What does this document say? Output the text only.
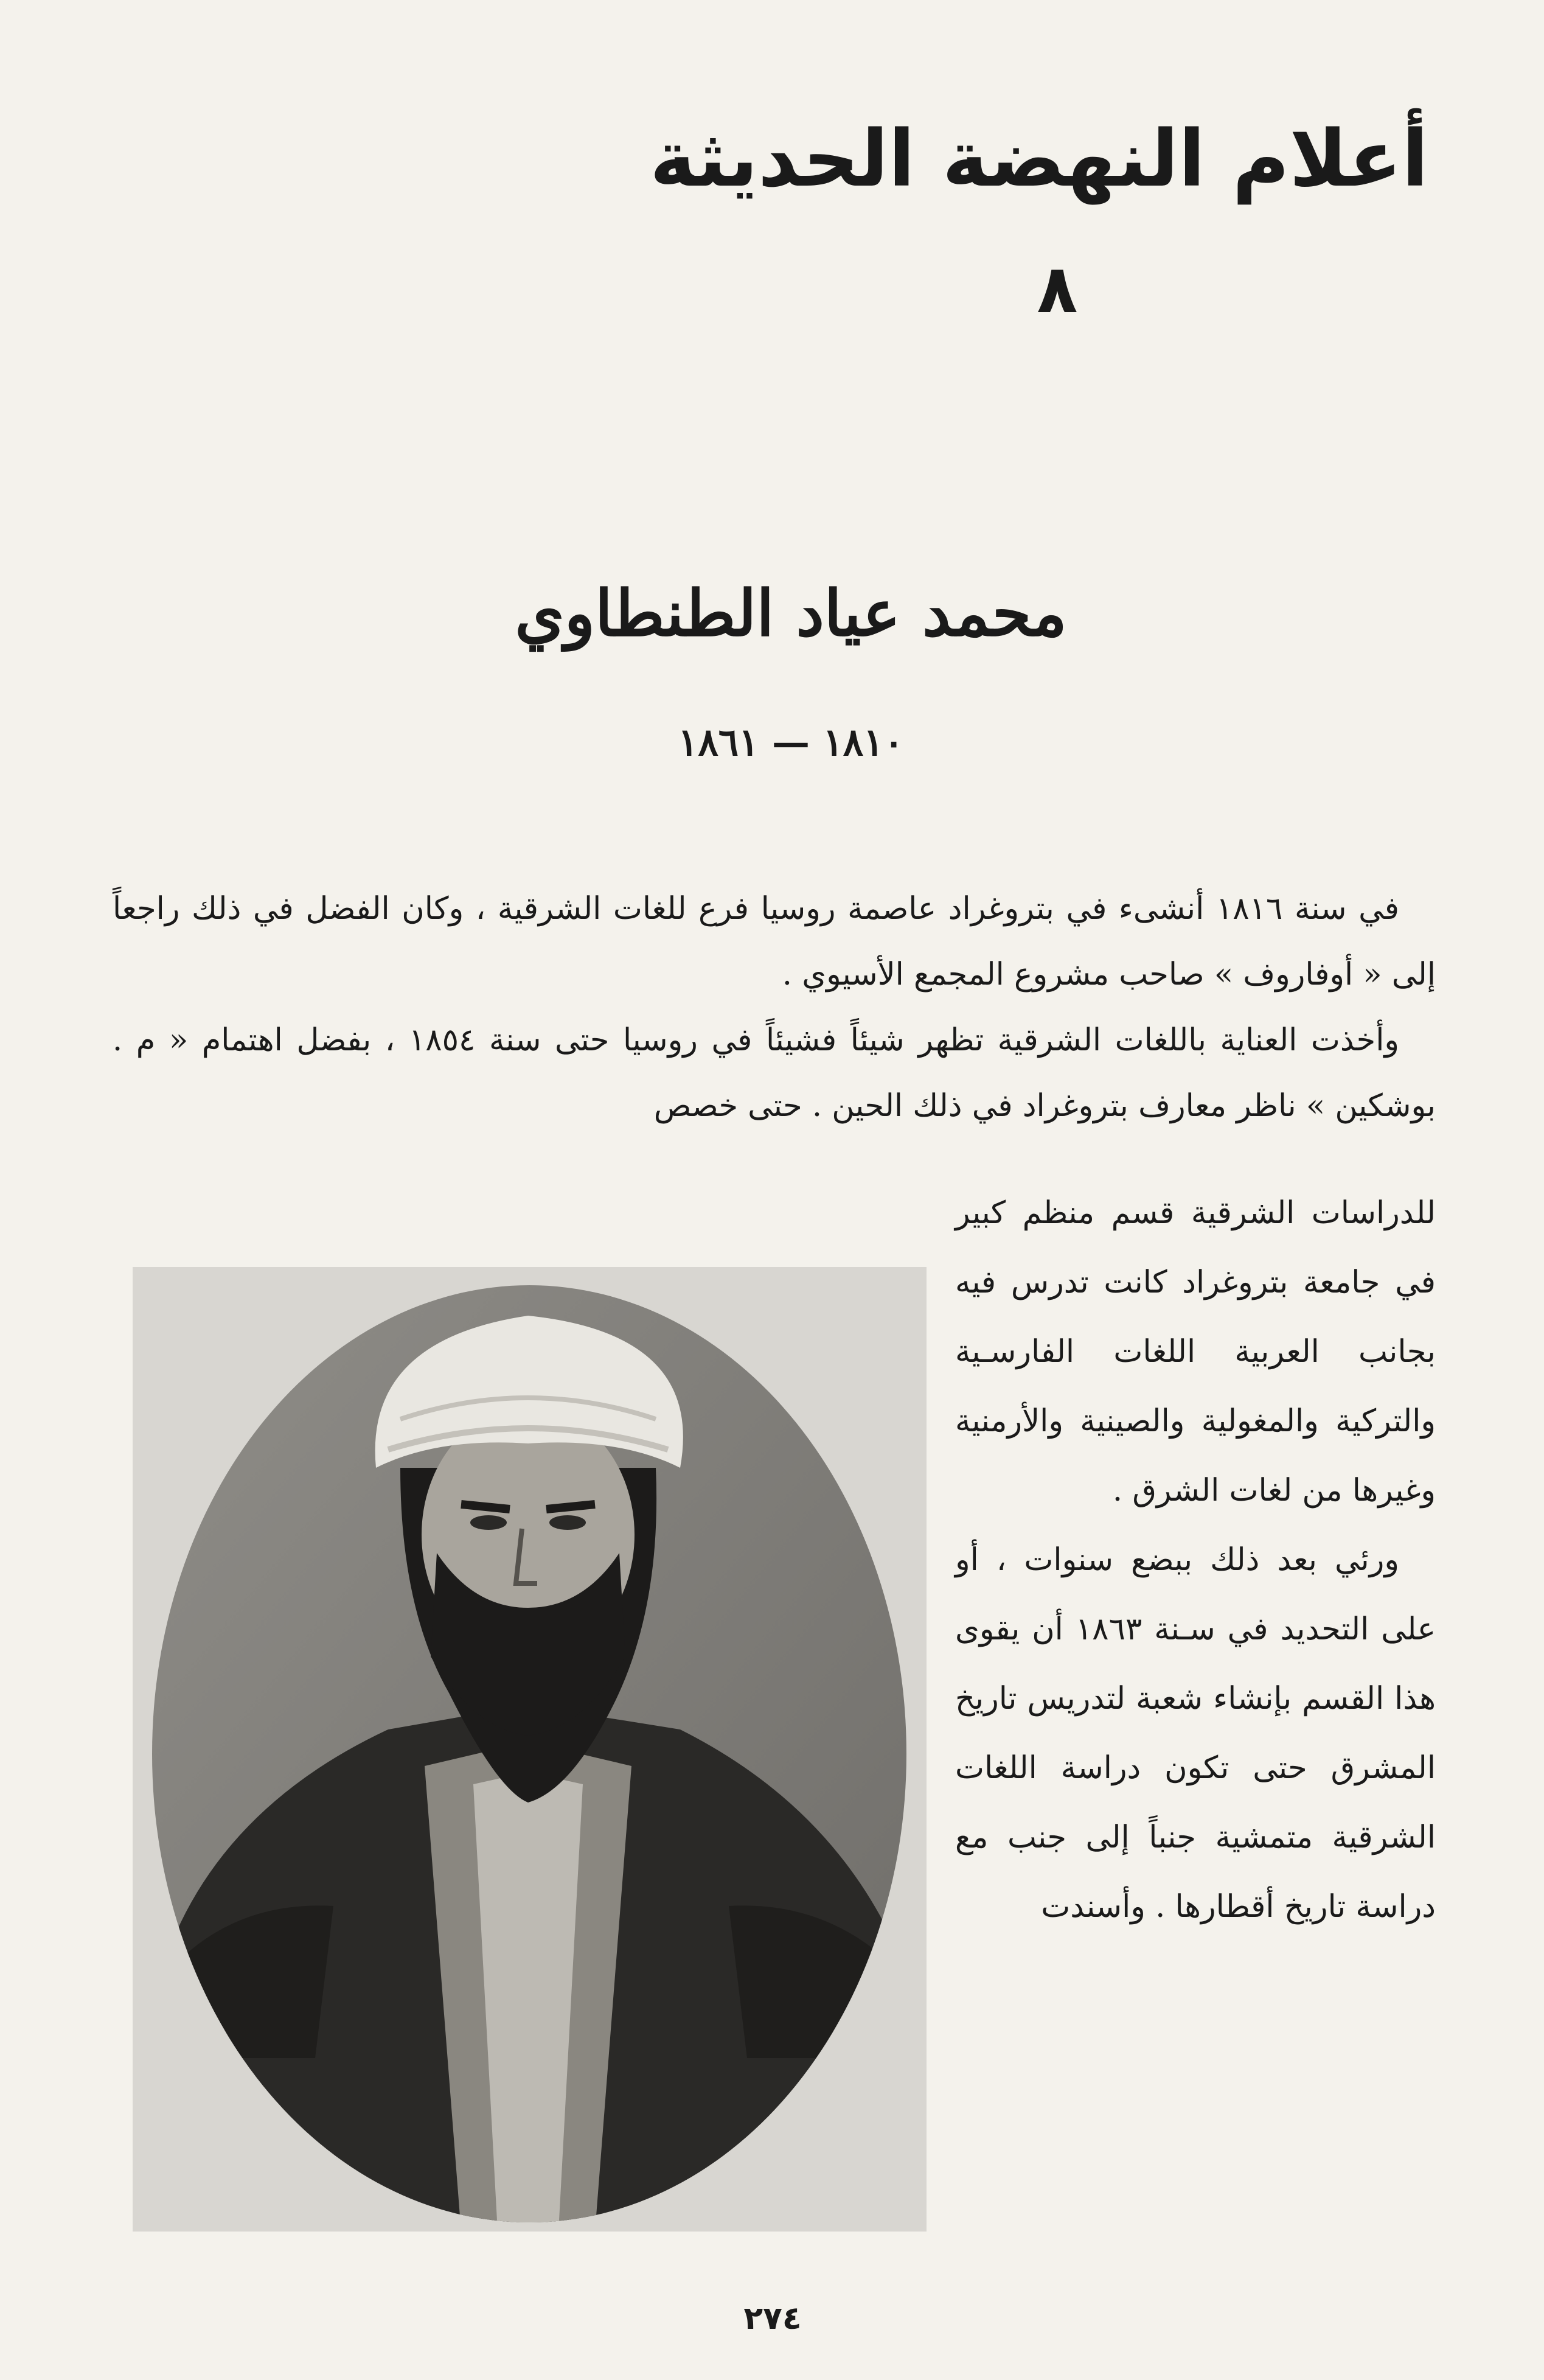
أعلام النهضة الحديثة
٨
محمد عياد الطنطاوي
١٨١٠ — ١٨٦١

في سنة ١٨١٦ أنشىء في بتروغراد عاصمة روسيا فرع للغات الشرقية ، وكان الفضل في ذلك راجعاً إلى « أوفاروف » صاحب مشروع المجمع الأسيوي .

وأخذت العناية باللغات الشرقية تظهر شيئاً فشيئاً في روسيا حتى سنة ١٨٥٤ ، بفضل اهتمام « م . بوشكين » ناظر معارف بتروغراد في ذلك الحين . حتى خصص

للدراسات الشرقية قسم منظم كبير في جامعة بتروغراد كانت تدرس فيه بجانب العربية اللغات الفارسـية والتركية والمغولية والصينية والأرمنية وغيرها من لغات الشرق .

ورئي بعد ذلك ببضع سنوات ، أو على التحديد في سـنة ١٨٦٣ أن يقوى هذا القسم بإنشاء شعبة لتدريس تاريخ المشرق حتى تكون دراسة اللغات الشرقية متمشية جنباً إلى جنب مع دراسة تاريخ أقطارها . وأسندت

٢٧٤
